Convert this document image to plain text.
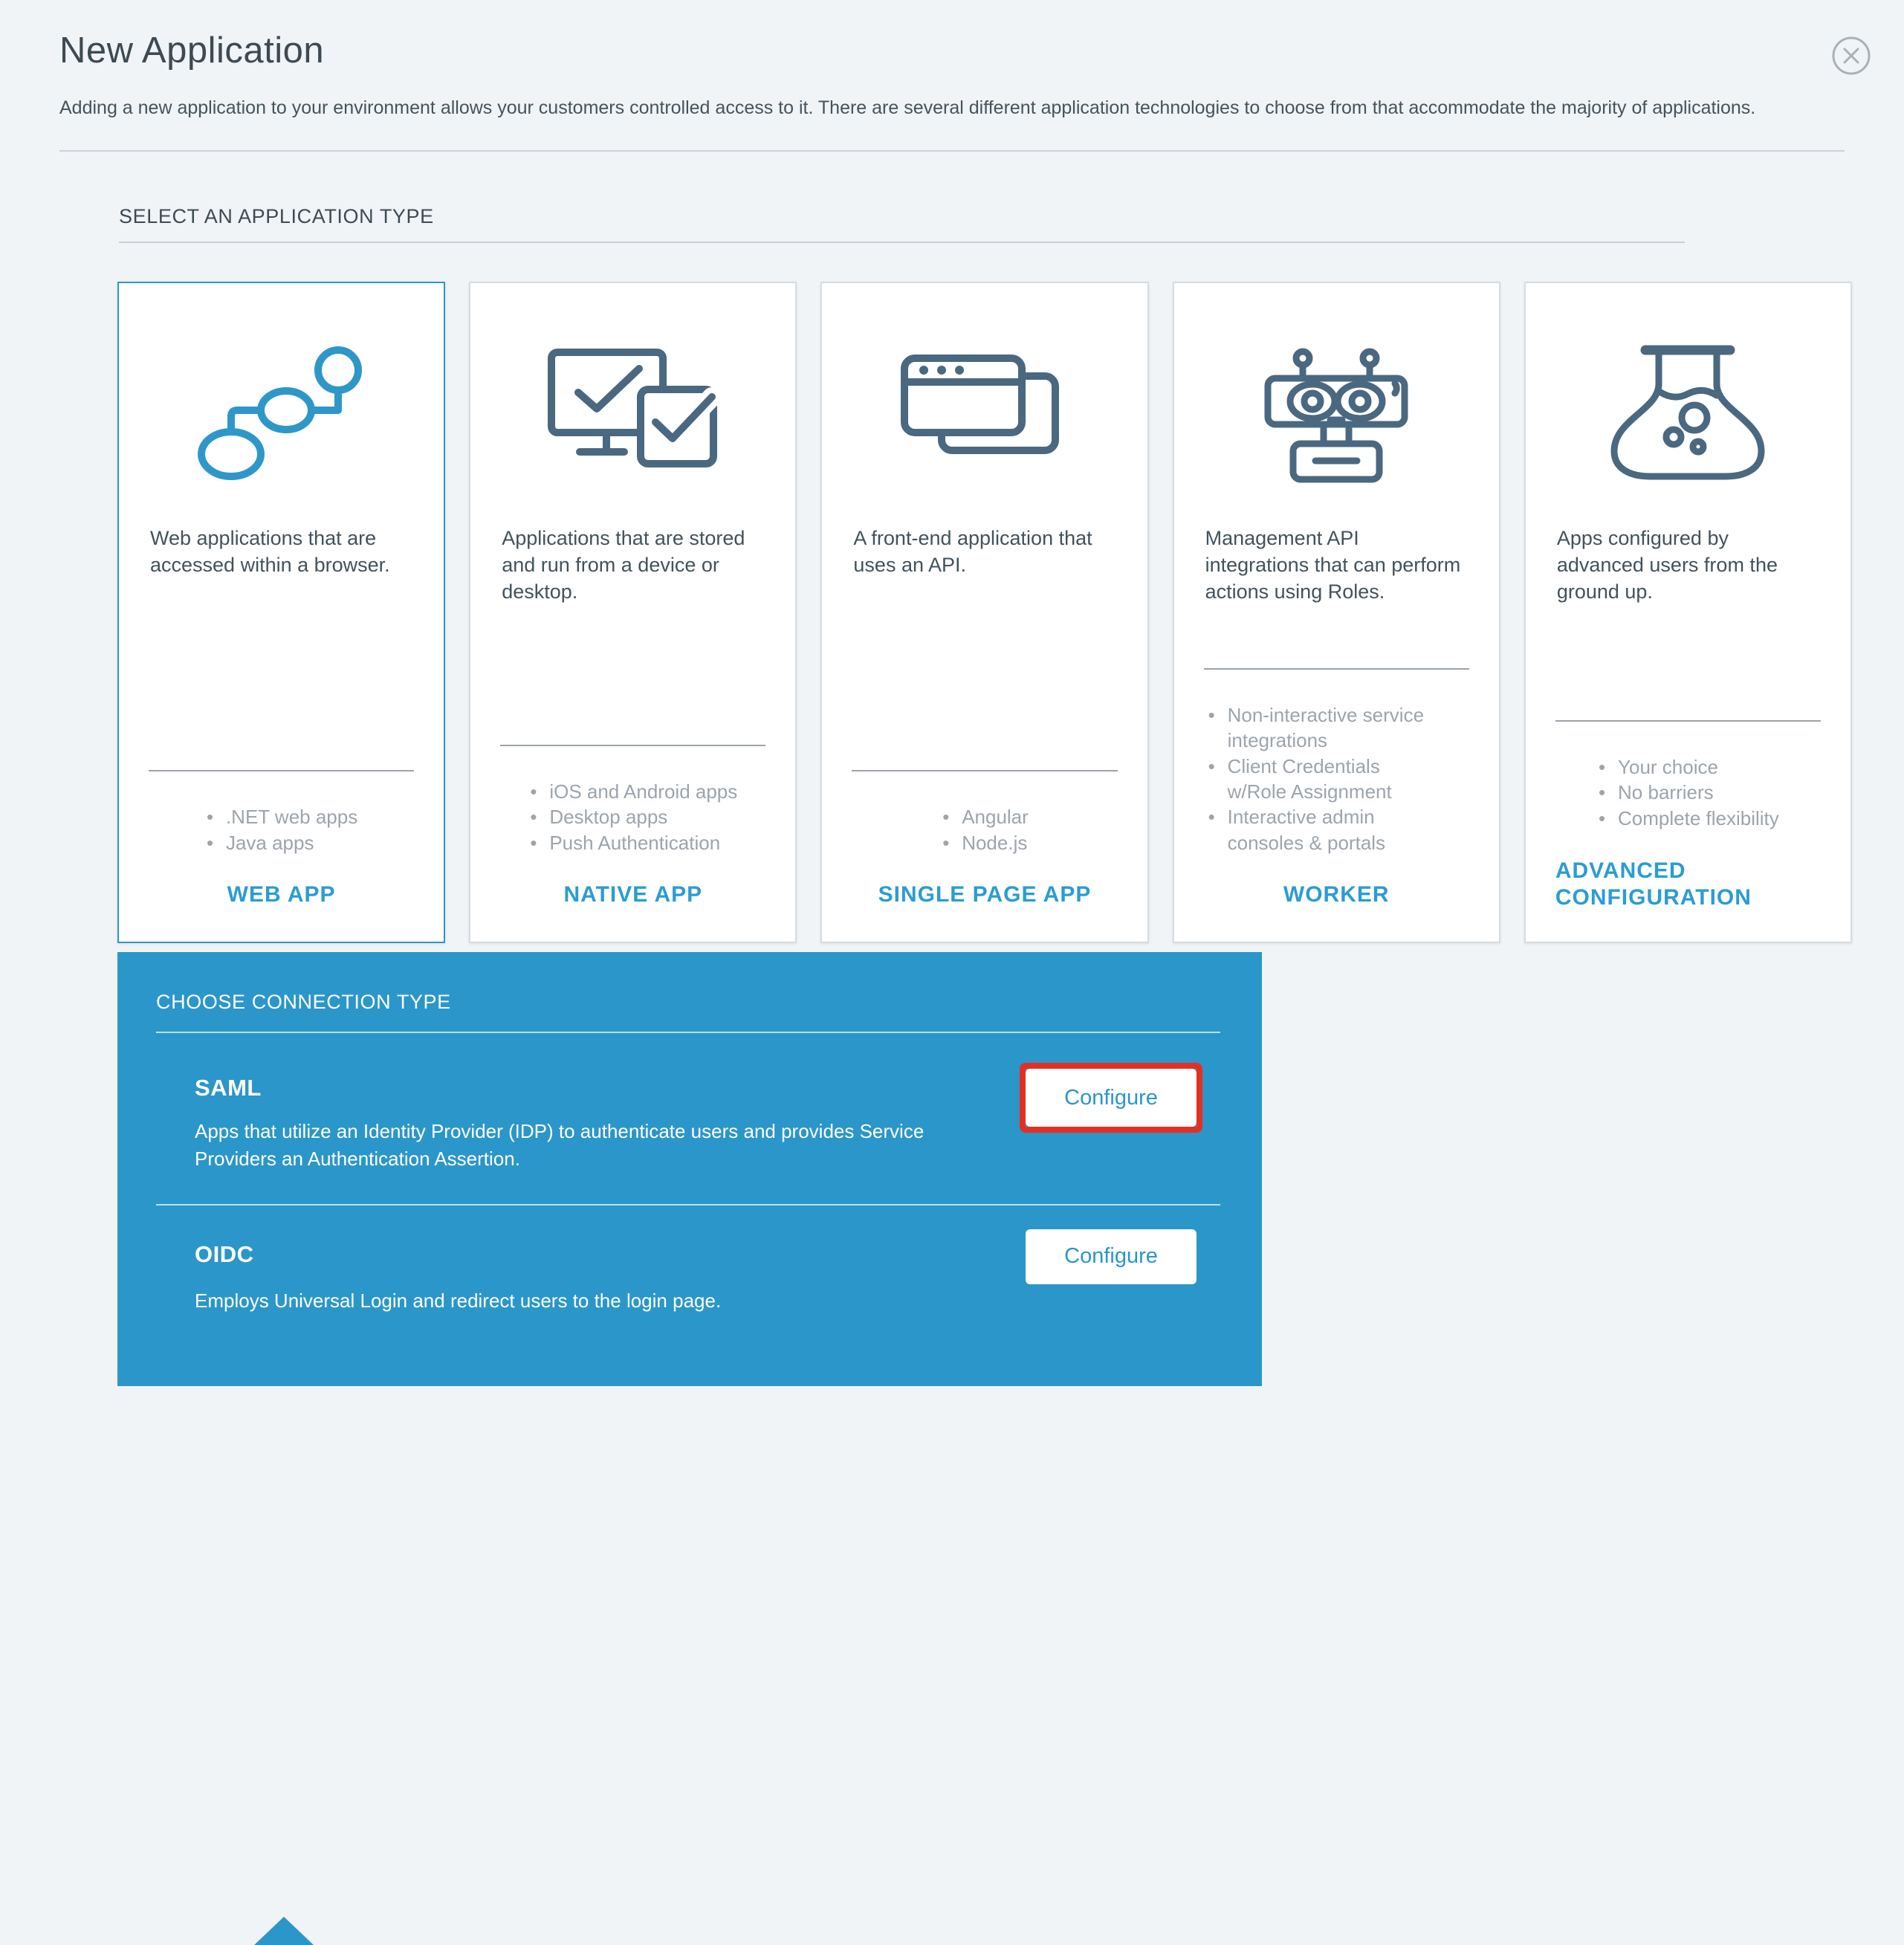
New Application

Adding a new application to your environment allows your customers controlled access to it. There are several different application technologies to choose from that accommodate the majority of applications.

SELECT AN APPLICATION TYPE

Web applications that are accessed within a browser.

• .NET web apps
• Java apps
WEB APP

Applications that are stored and run from a device or desktop.

• iOS and Android apps
• Desktop apps
• Push Authentication
NATIVE APP

A front-end application that uses an API.

• Angular
• Node.js
SINGLE PAGE APP

Management API integrations that can perform actions using Roles.

• Non-interactive service integrations
• Client Credentials w/Role Assignment
• Interactive admin consoles & portals
WORKER

Apps configured by advanced users from the ground up.

• Your choice
• No barriers
• Complete flexibility
ADVANCED CONFIGURATION
CHOOSE CONNECTION TYPE
SAML

Apps that utilize an Identity Provider (IDP) to authenticate users and provides Service Providers an Authentication Assertion.

Configure
OIDC

Employs Universal Login and redirect users to the login page.

Configure
